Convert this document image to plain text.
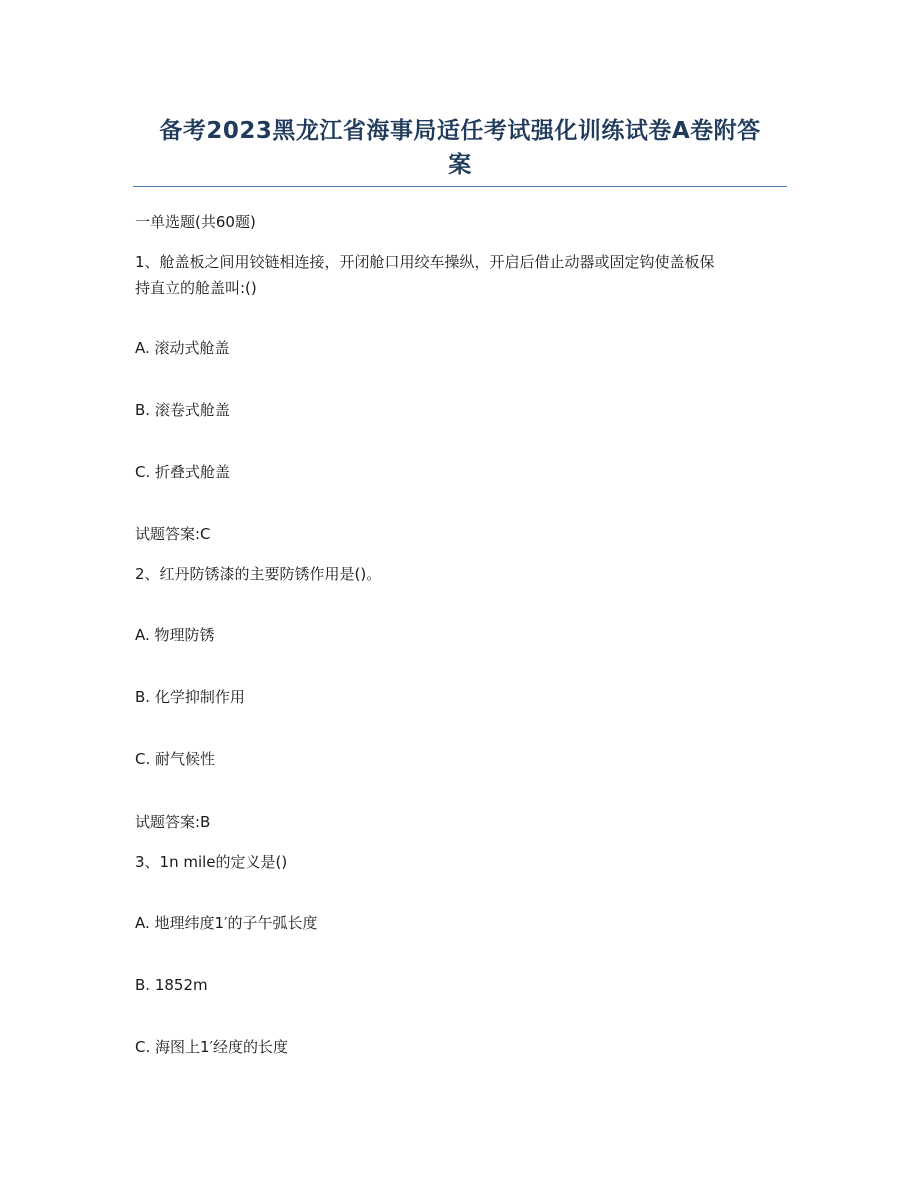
备考2023黑龙江省海事局适任考试强化训练试卷A卷附答
案
一单选题(共60题)
1、舱盖板之间用铰链相连接，开闭舱口用绞车操纵，开启后借止动器或固定钩使盖板保
持直立的舱盖叫:()
A. 滚动式舱盖
B. 滚卷式舱盖
C. 折叠式舱盖
试题答案:C
2、红丹防锈漆的主要防锈作用是()。
A. 物理防锈
B. 化学抑制作用
C. 耐气候性
试题答案:B
3、1n mile的定义是()
A. 地理纬度1′的子午弧长度
B. 1852m
C. 海图上1′经度的长度
